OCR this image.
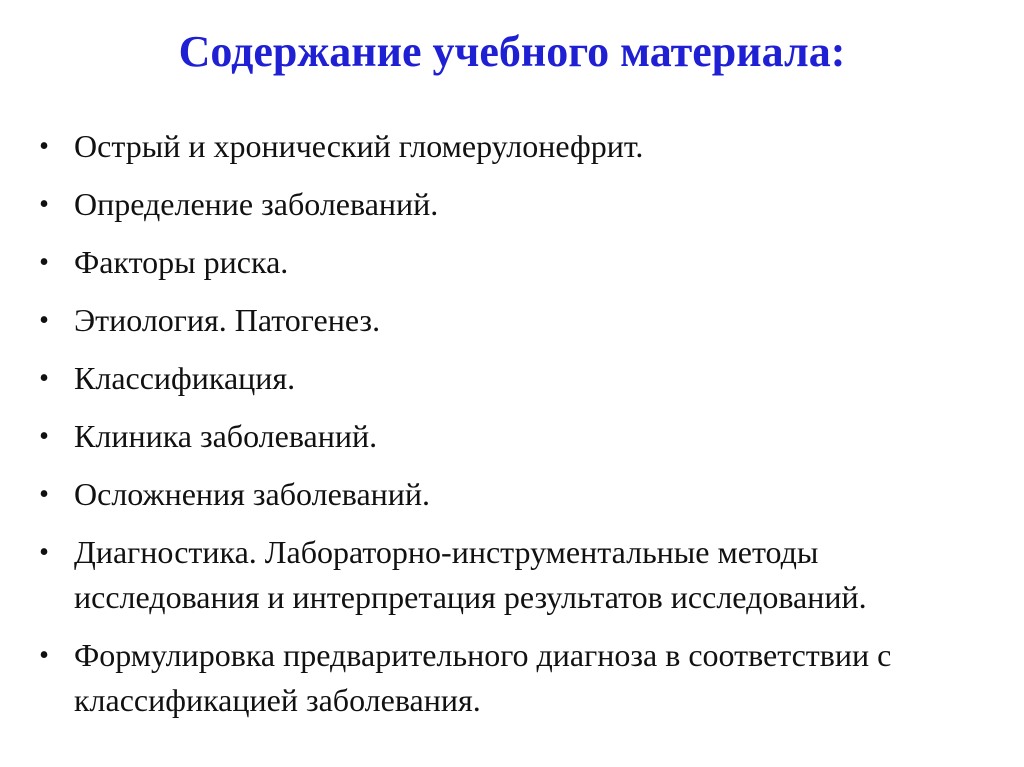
Содержание учебного материала:
• Острый и хронический гломерулонефрит.
• Определение заболеваний.
• Факторы риска.
• Этиология. Патогенез.
• Классификация.
• Клиника заболеваний.
• Осложнения заболеваний.
• Диагностика. Лабораторно-инструментальные методы исследования и интерпретация результатов исследований.
• Формулировка предварительного диагноза в соответствии с классификацией заболевания.
